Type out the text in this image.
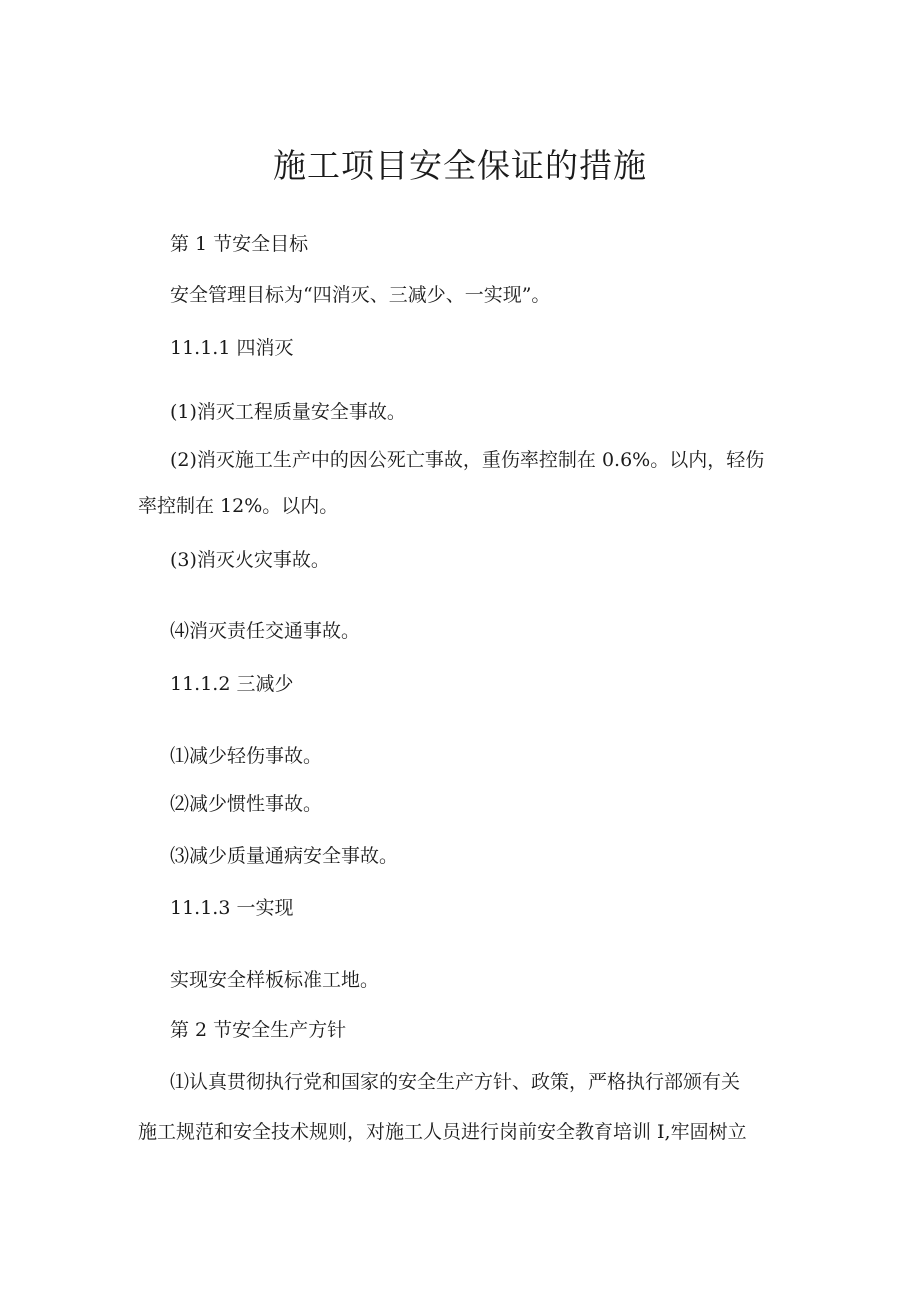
施工项目安全保证的措施

第 1 节安全目标

安全管理目标为“四消灭、三减少、一实现”。

11.1.1 四消灭

(1)消灭工程质量安全事故。

(2)消灭施工生产中的因公死亡事故，重伤率控制在 0.6%。以内，轻伤

率控制在 12%。以内。

(3)消灭火灾事故。

⑷消灭责任交通事故。

11.1.2 三减少

⑴减少轻伤事故。

⑵减少惯性事故。

⑶减少质量通病安全事故。

11.1.3 一实现

实现安全样板标准工地。

第 2 节安全生产方针

⑴认真贯彻执行党和国家的安全生产方针、政策，严格执行部颁有关

施工规范和安全技术规则，对施工人员进行岗前安全教育培训 I,牢固树立
